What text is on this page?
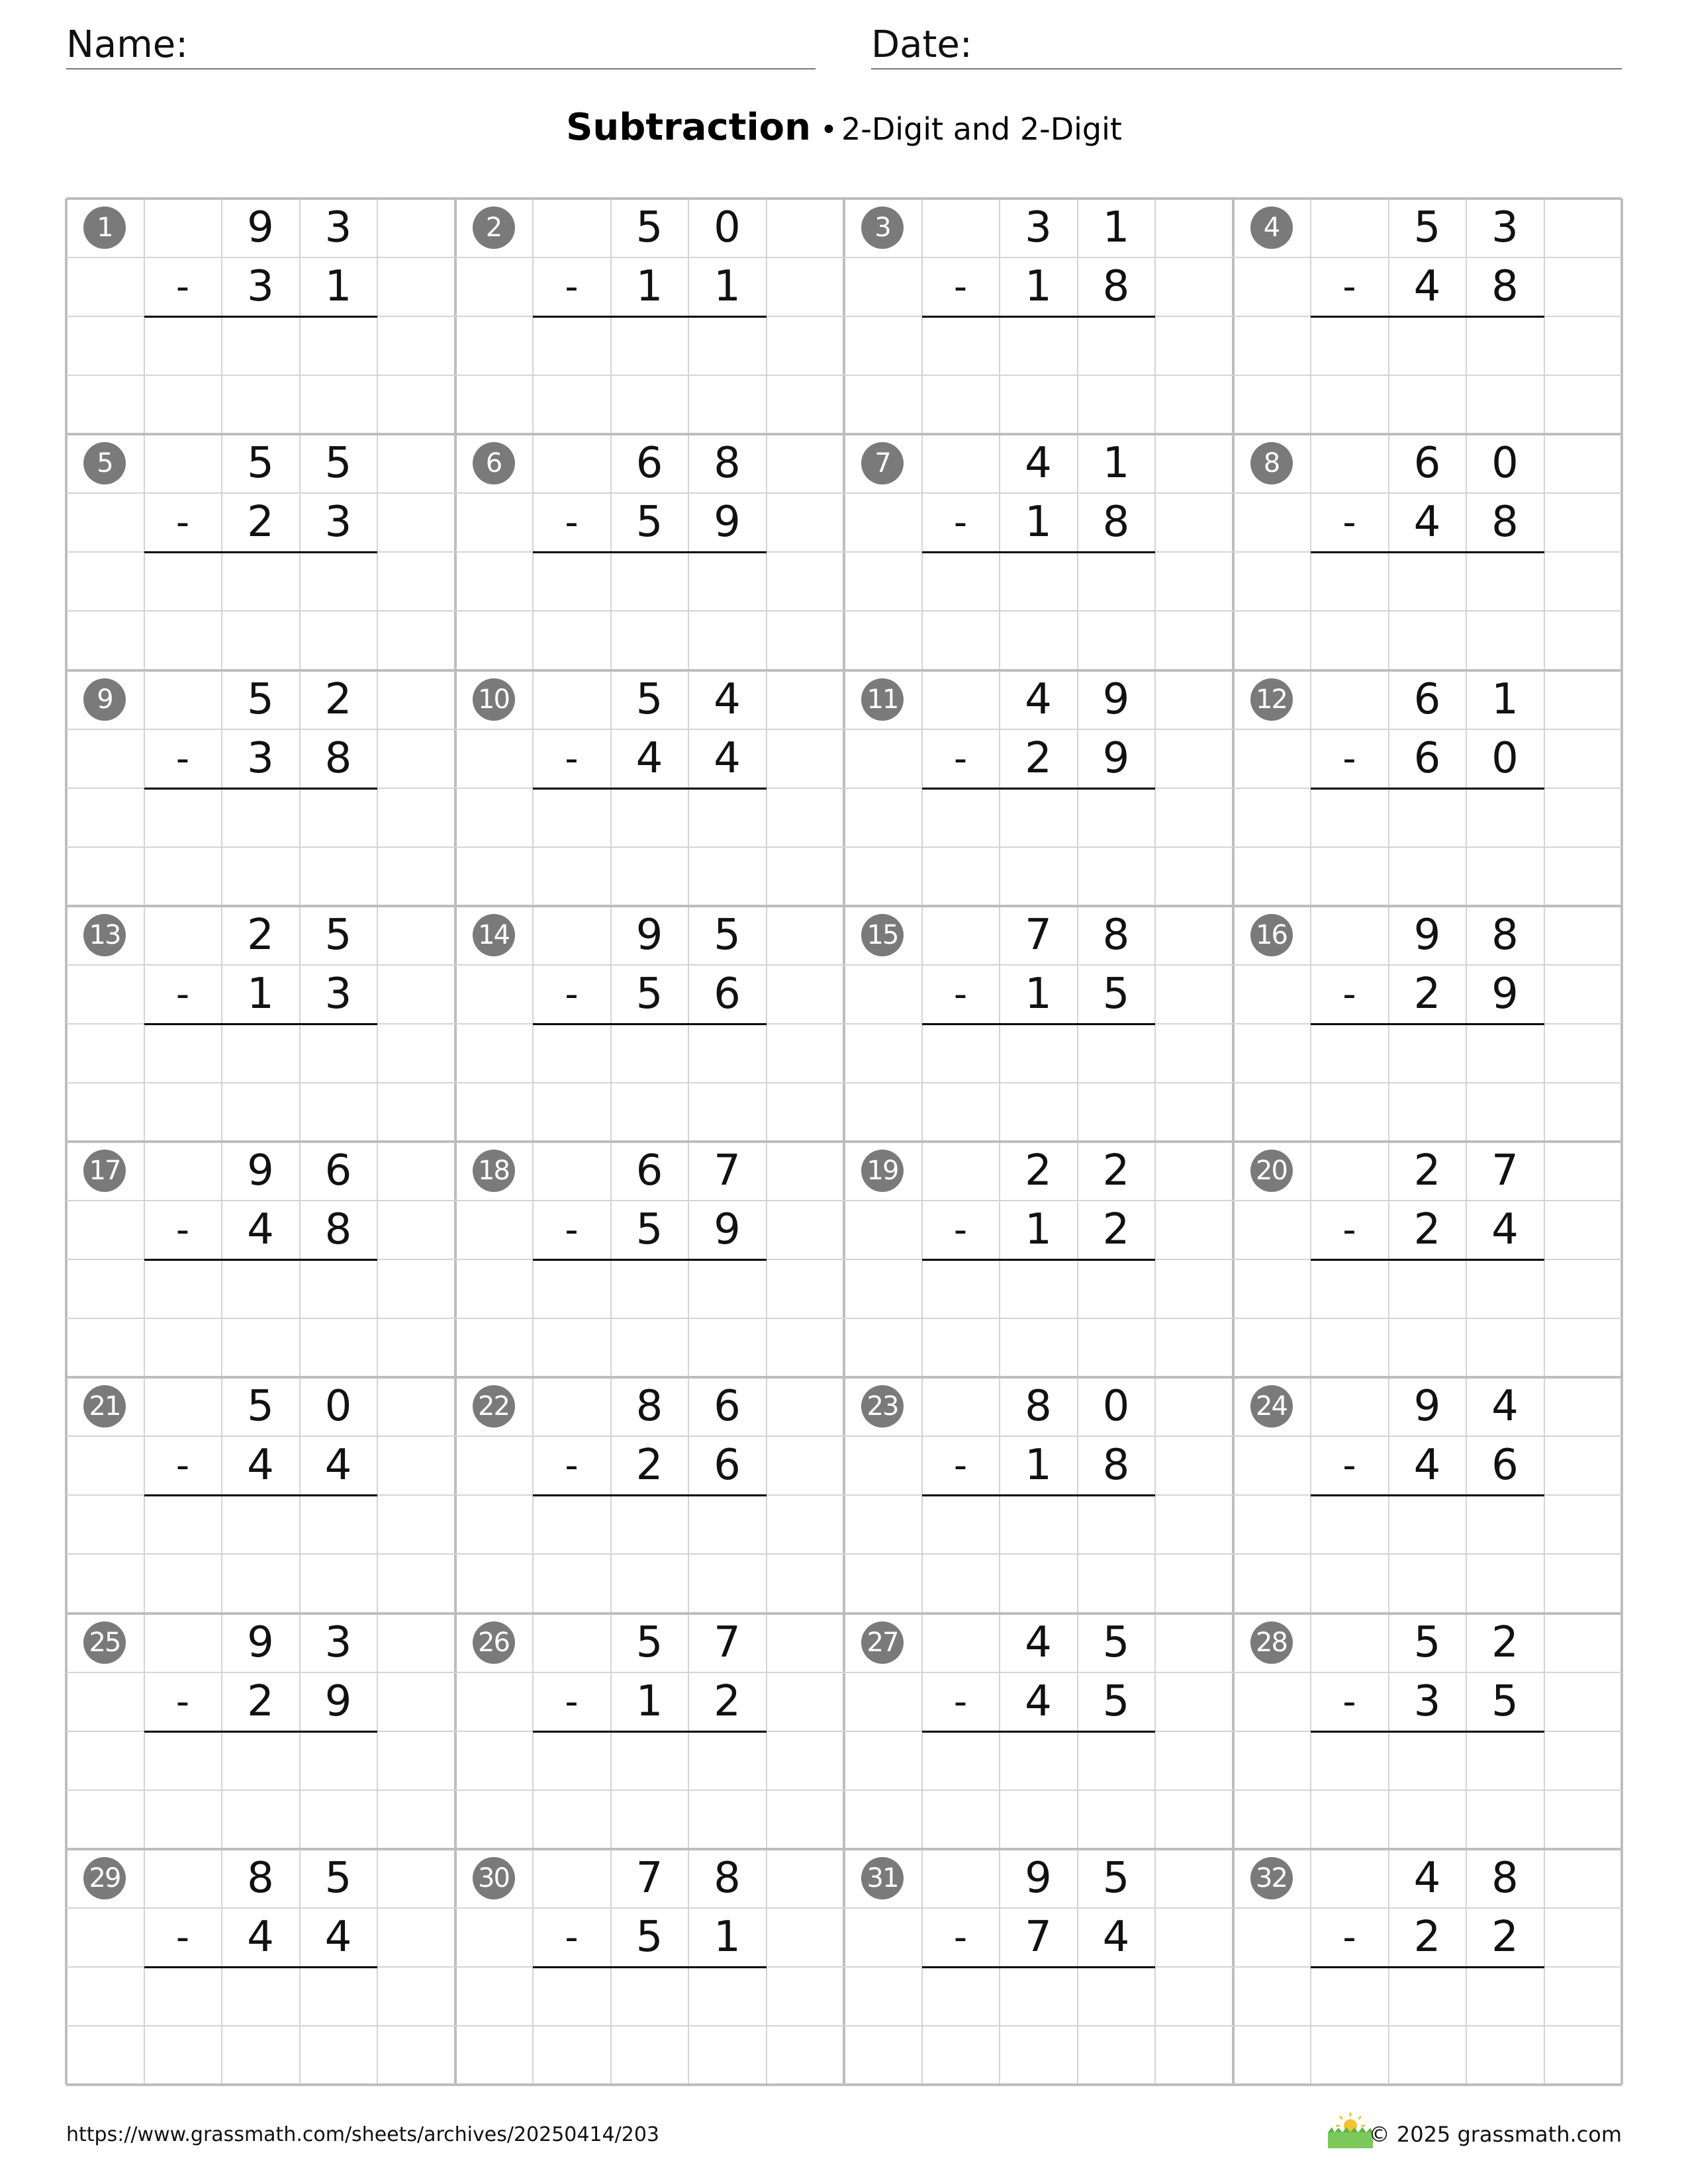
Name:	Date:
Subtraction • 2-Digit and 2-Digit
1	9	3
-	3	1
2	5	0
-	1	1
3	3	1
-	1	8
4	5	3
-	4	8
5	5	5
-	2	3
6	6	8
-	5	9
7	4	1
-	1	8
8	6	0
-	4	8
9	5	2
-	3	8
10	5	4
-	4	4
11	4	9
-	2	9
12	6	1
-	6	0
13	2	5
-	1	3
14	9	5
-	5	6
15	7	8
-	1	5
16	9	8
-	2	9
17	9	6
-	4	8
18	6	7
-	5	9
19	2	2
-	1	2
20	2	7
-	2	4
21	5	0
-	4	4
22	8	6
-	2	6
23	8	0
-	1	8
24	9	4
-	4	6
25	9	3
-	2	9
26	5	7
-	1	2
27	4	5
-	4	5
28	5	2
-	3	5
29	8	5
-	4	4
30	7	8
-	5	1
31	9	5
-	7	4
32	4	8
-	2	2
https://www.grassmath.com/sheets/archives/20250414/203	© 2025 grassmath.com
